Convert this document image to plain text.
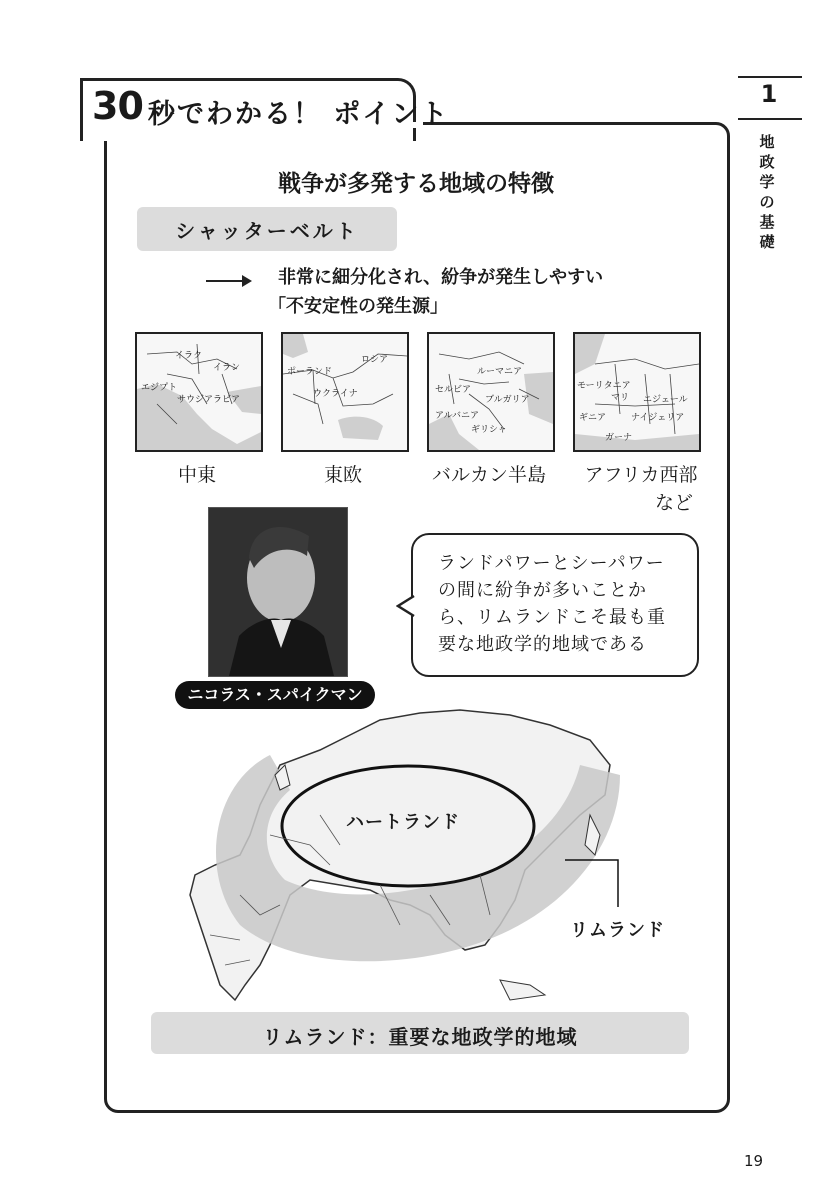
30 秒でわかる！ ポイント
1
地政学の基礎
戦争が多発する地域の特徴
シャッターベルト
非常に細分化され、紛争が発生しやすい
「不安定性の発生源」
イラク
イラン
エジプト
サウジアラビア
ロシア
ポーランド
ウクライナ
ルーマニア
セルビア
ブルガリア
アルバニア
ギリシャ
モーリタニア
マリ ニジェール
ギニア	ナイジェリア
ガーナ
中東	東欧	バルカン半島	アフリカ西部
など
ニコラス・スパイクマン
ランドパワーとシーパワーの間に紛争が多いことから、リムランドこそ最も重要な地政学的地域である
ハートランド
リムランド
リムランド：重要な地政学的地域
19
